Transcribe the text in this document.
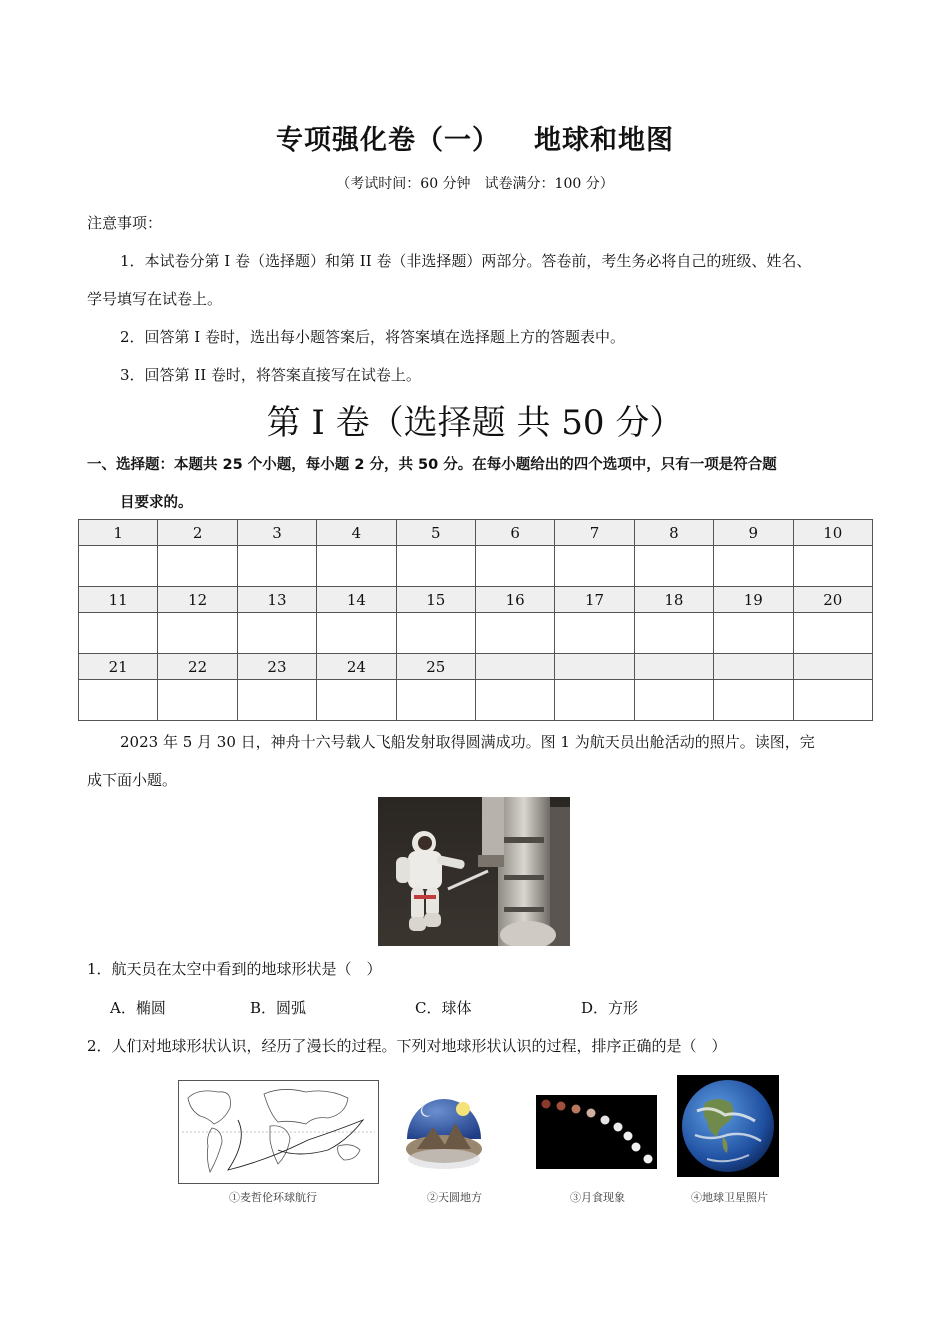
专项强化卷（一） 地球和地图
（考试时间：60 分钟　试卷满分：100 分）
注意事项：
1．本试卷分第 I 卷（选择题）和第 II 卷（非选择题）两部分。答卷前，考生务必将自己的班级、姓名、
学号填写在试卷上。
2．回答第 I 卷时，选出每小题答案后，将答案填在选择题上方的答题表中。
3．回答第 II 卷时，将答案直接写在试卷上。
第 I 卷（选择题 共 50 分）
一、选择题：本题共 25 个小题，每小题 2 分，共 50 分。在每小题给出的四个选项中，只有一项是符合题
目要求的。
1	2	3	4	5	6	7	8	9	10

11	12	13	14	15	16	17	18	19	20

21	22	23	24	25					

2023 年 5 月 30 日，神舟十六号载人飞船发射取得圆满成功。图 1 为航天员出舱活动的照片。读图，完
成下面小题。
1．航天员在太空中看到的地球形状是（　）
A．椭圆	B．圆弧	C．球体	D．方形
2．人们对地球形状认识，经历了漫长的过程。下列对地球形状认识的过程，排序正确的是（　）
①麦哲伦环球航行	②天圆地方	③月食现象	④地球卫星照片
